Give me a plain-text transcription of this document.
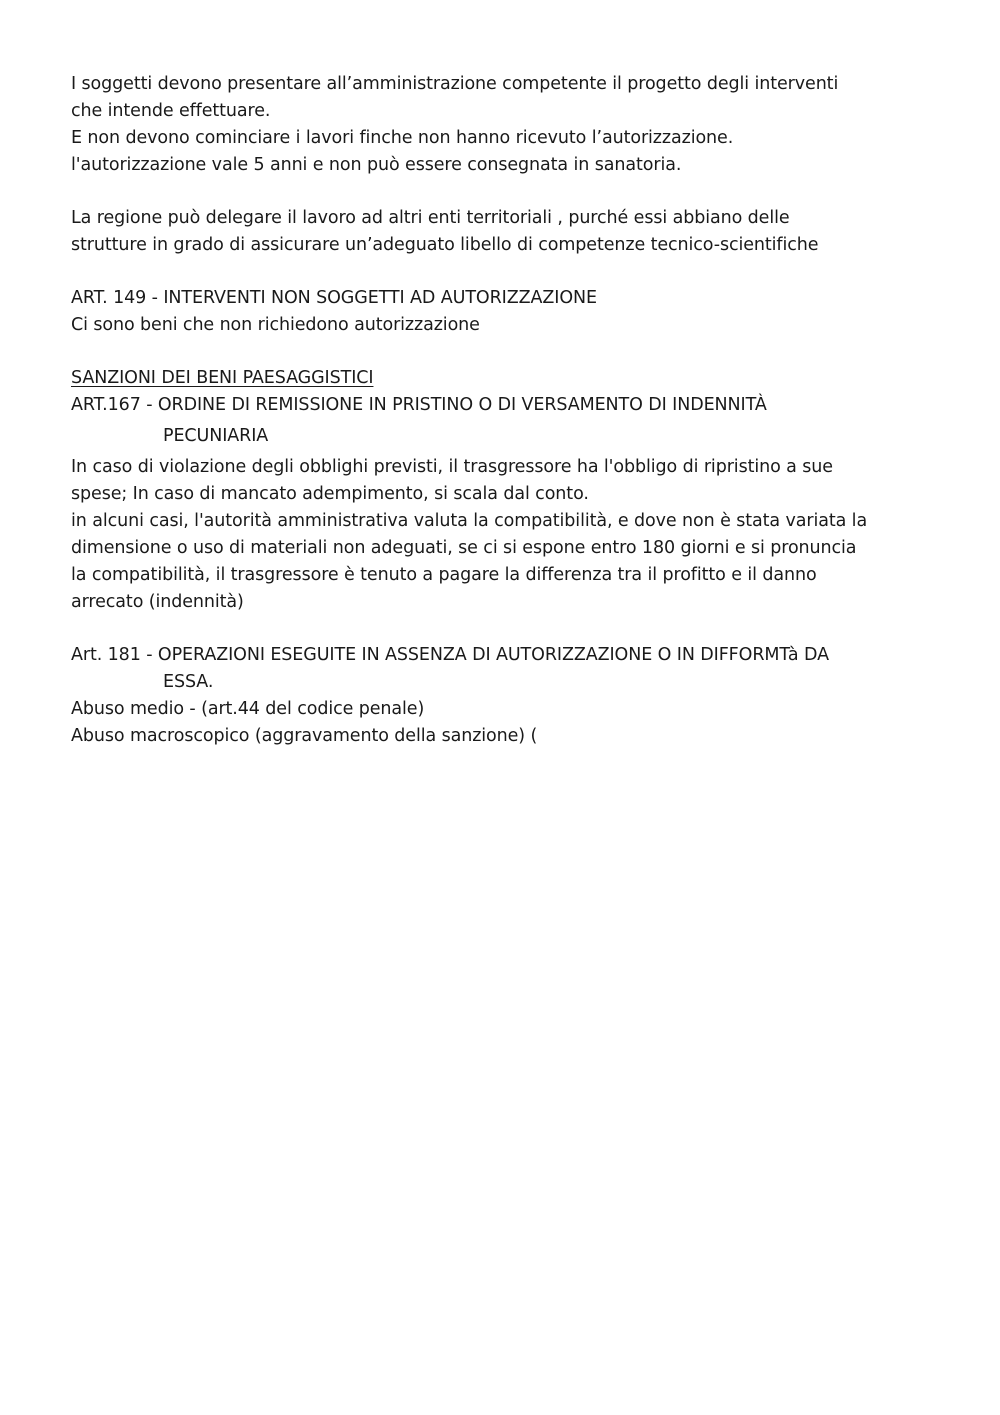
I soggetti devono presentare all’amministrazione competente il progetto degli interventi
che intende effettuare.
E non devono cominciare i lavori finche non hanno ricevuto l’autorizzazione.
l'autorizzazione vale 5 anni e non può essere consegnata in sanatoria.
La regione può delegare il lavoro ad altri enti territoriali , purché essi abbiano delle
strutture in grado di assicurare un’adeguato libello di competenze tecnico-scientifiche
ART. 149 - INTERVENTI NON SOGGETTI AD AUTORIZZAZIONE
Ci sono beni che non richiedono autorizzazione
SANZIONI DEI BENI PAESAGGISTICI
ART.167 - ORDINE DI REMISSIONE IN PRISTINO O DI VERSAMENTO DI INDENNITÀ
PECUNIARIA
In caso di violazione degli obblighi previsti, il trasgressore ha l'obbligo di ripristino a sue
spese; In caso di mancato adempimento, si scala dal conto.
in alcuni casi, l'autorità amministrativa valuta la compatibilità, e dove non è stata variata la
dimensione o uso di materiali non adeguati, se ci si espone entro 180 giorni e si pronuncia
la compatibilità, il trasgressore è tenuto a pagare la differenza tra il profitto e il danno
arrecato (indennità)
Art. 181 - OPERAZIONI ESEGUITE IN ASSENZA DI AUTORIZZAZIONE O IN DIFFORMTà DA
ESSA.
Abuso medio - (art.44 del codice penale)
Abuso macroscopico (aggravamento della sanzione) (
